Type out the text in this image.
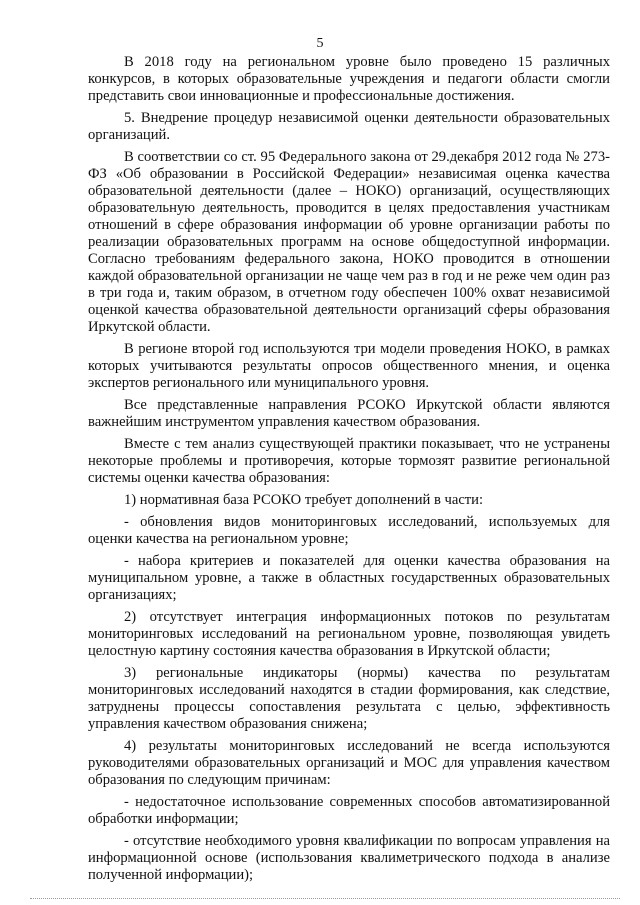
5

В 2018 году на региональном уровне было проведено 15 различных конкурсов, в которых образовательные учреждения и педагоги области смогли представить свои инновационные и профессиональные достижения.

5. Внедрение процедур независимой оценки деятельности образовательных организаций.

В соответствии со ст. 95 Федерального закона от 29.декабря 2012 года № 273-ФЗ «Об образовании в Российской Федерации» независимая оценка качества образовательной деятельности (далее – НОКО) организаций, осуществляющих образовательную деятельность, проводится в целях предоставления участникам отношений в сфере образования информации об уровне организации работы по реализации образовательных программ на основе общедоступной информации. Согласно требованиям федерального закона, НОКО проводится в отношении каждой образовательной организации не чаще чем раз в год и не реже чем один раз в три года и, таким образом, в отчетном году обеспечен 100% охват независимой оценкой качества образовательной деятельности организаций сферы образования Иркутской области.

В регионе второй год используются три модели проведения НОКО, в рамках которых учитываются результаты опросов общественного мнения, и оценка экспертов регионального или муниципального уровня.

Все представленные направления РСОКО Иркутской области являются важнейшим инструментом управления качеством образования.

Вместе с тем анализ существующей практики показывает, что не устранены некоторые проблемы и противоречия, которые тормозят развитие региональной системы оценки качества образования:

1) нормативная база РСОКО требует дополнений в части:

- обновления видов мониторинговых исследований, используемых для оценки качества на региональном уровне;

- набора критериев и показателей для оценки качества образования на муниципальном уровне, а также в областных государственных образовательных организациях;

2) отсутствует интеграция информационных потоков по результатам мониторинговых исследований на региональном уровне, позволяющая увидеть целостную картину состояния качества образования в Иркутской области;

3) региональные индикаторы (нормы) качества по результатам мониторинговых исследований находятся в стадии формирования, как следствие, затруднены процессы сопоставления результата с целью, эффективность управления качеством образования снижена;

4) результаты мониторинговых исследований не всегда используются руководителями образовательных организаций и МОС для управления качеством образования по следующим причинам:

- недостаточное использование современных способов автоматизированной обработки информации;

- отсутствие необходимого уровня квалификации по вопросам управления на информационной основе (использования квалиметрического подхода в анализе полученной информации);
